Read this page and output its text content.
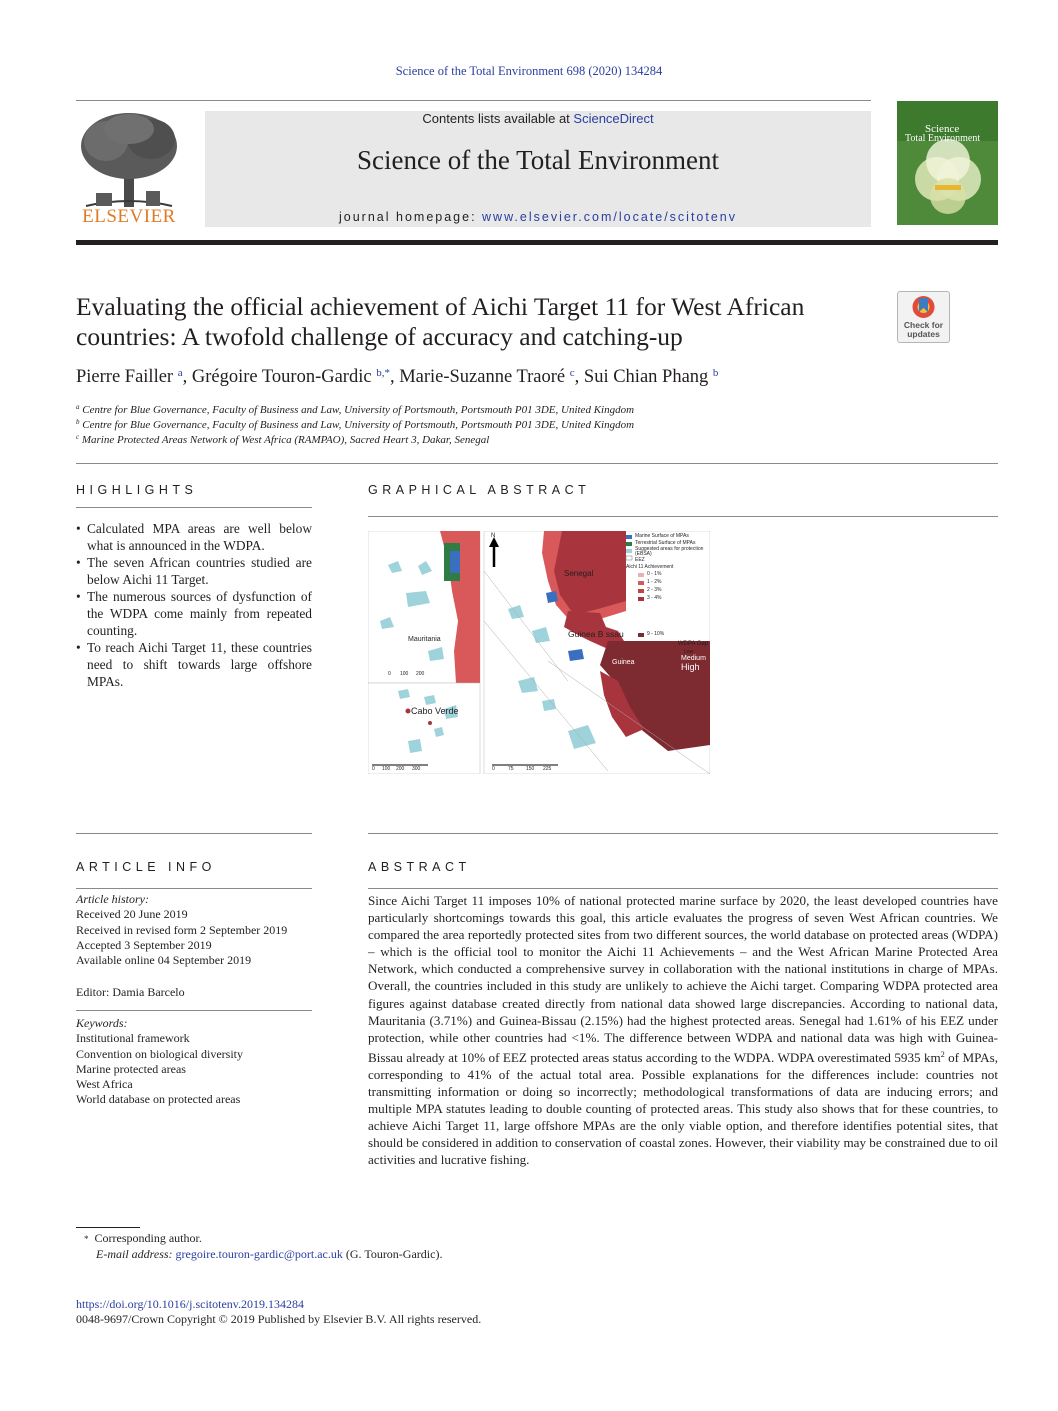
Science of the Total Environment 698 (2020) 134284
ELSEVIER
Contents lists available at ScienceDirect
Science of the Total Environment
journal homepage: www.elsevier.com/locate/scitotenv
Science
Total Environment
Evaluating the official achievement of Aichi Target 11 for West African countries: A twofold challenge of accuracy and catching-up	Check for updates
Pierre Failler $^a$, Grégoire Touron-Gardic $^{b,*}$, Marie-Suzanne Traoré $^c$, Sui Chian Phang $^b$
$^a$ Centre for Blue Governance, Faculty of Business and Law, University of Portsmouth, Portsmouth P01 3DE, United Kingdom
$^b$ Centre for Blue Governance, Faculty of Business and Law, University of Portsmouth, Portsmouth P01 3DE, United Kingdom
$^c$ Marine Protected Areas Network of West Africa (RAMPAO), Sacred Heart 3, Dakar, Senegal
HIGHLIGHTS
• Calculated MPA areas are well below what is announced in the WDPA.
• The seven African countries studied are below Aichi 11 Target.
• The numerous sources of dysfunction of the WDPA come mainly from repeated counting.
• To reach Aichi Target 11, these countries need to shift towards large offshore MPAs.
GRAPHICAL ABSTRACT
Mauritania
Cabo Verde
Senegal
Guinea B ssau
Guinea
N	Marine Surface of MPAs
Terrestrial Surface of MPAs
Suggested areas for protection (EBSA)
EEZ
Aichi 11 Achievement
0 - 1%
1 - 2%
2 - 3%
3 - 4%
9 - 10%
WDPA Gap
Low
Medium
High
0 100 200
0 100 200 300	0	75 150 225
ARTICLE INFO
Article history:
Received 20 June 2019
Received in revised form 2 September 2019
Accepted 3 September 2019
Available online 04 September 2019
Editor: Damia Barcelo
Keywords:
Institutional framework
Convention on biological diversity
Marine protected areas
West Africa
World database on protected areas
ABSTRACT
Since Aichi Target 11 imposes 10% of national protected marine surface by 2020, the least developed countries have particularly shortcomings towards this goal, this article evaluates the progress of seven West African countries. We compared the area reportedly protected sites from two different sources, the world database on protected areas (WDPA) – which is the official tool to monitor the Aichi 11 Achievements – and the West African Marine Protected Area Network, which conducted a comprehensive survey in collaboration with the national institutions in charge of MPAs. Overall, the countries included in this study are unlikely to achieve the Aichi target. Comparing WDPA protected area figures against database created directly from national data showed large discrepancies. According to national data, Mauritania (3.71%) and Guinea-Bissau (2.15%) had the highest protected areas. Senegal had 1.61% of his EEZ under protection, while other countries had <1%. The difference between WDPA and national data was high with Guinea-Bissau already at 10% of EEZ protected areas status according to the WDPA. WDPA overestimated 5935 $km^2$ of MPAs, corresponding to 41% of the actual total area. Possible explanations for the differences include: countries not transmitting information or doing so incorrectly; methodological transformations of data are inducing errors; and multiple MPA statutes leading to double counting of protected areas. This study also shows that for these countries, to achieve Aichi Target 11, large offshore MPAs are the only viable option, and therefore identifies potential sites, that should be considered in addition to conservation of coastal zones. However, their viability may be constrained due to oil activities and lucrative fishing.
* Corresponding author.
E-mail address: gregoire.touron-gardic@port.ac.uk (G. Touron-Gardic).
https://doi.org/10.1016/j.scitotenv.2019.134284
0048-9697/Crown Copyright © 2019 Published by Elsevier B.V. All rights reserved.
